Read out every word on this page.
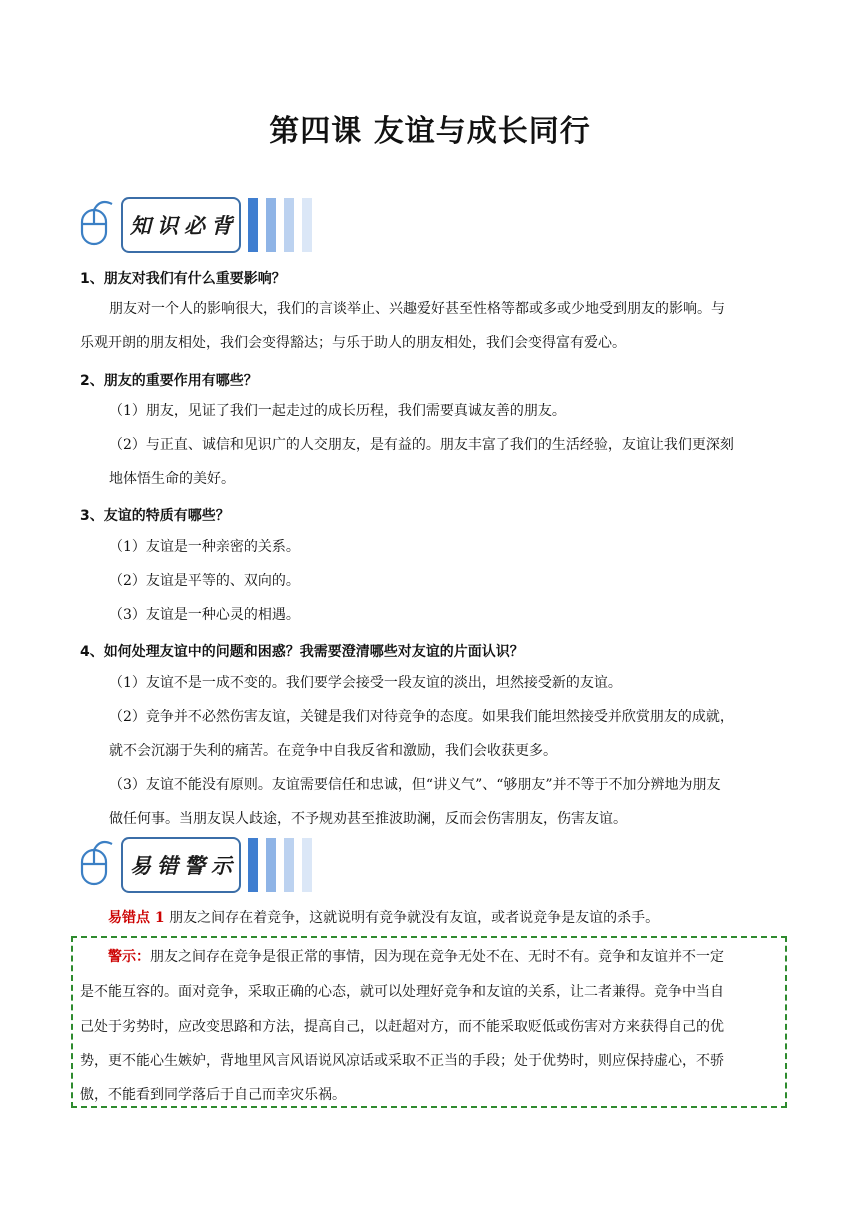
第四课 友谊与成长同行
知识必背
1、朋友对我们有什么重要影响？
朋友对一个人的影响很大，我们的言谈举止、兴趣爱好甚至性格等都或多或少地受到朋友的影响。与
乐观开朗的朋友相处，我们会变得豁达；与乐于助人的朋友相处，我们会变得富有爱心。
2、朋友的重要作用有哪些？
（1）朋友，见证了我们一起走过的成长历程，我们需要真诚友善的朋友。
（2）与正直、诚信和见识广的人交朋友，是有益的。朋友丰富了我们的生活经验，友谊让我们更深刻
地体悟生命的美好。
3、友谊的特质有哪些？
（1）友谊是一种亲密的关系。
（2）友谊是平等的、双向的。
（3）友谊是一种心灵的相遇。
4、如何处理友谊中的问题和困惑？我需要澄清哪些对友谊的片面认识？
（1）友谊不是一成不变的。我们要学会接受一段友谊的淡出，坦然接受新的友谊。
（2）竞争并不必然伤害友谊，关键是我们对待竞争的态度。如果我们能坦然接受并欣赏朋友的成就，
就不会沉溺于失利的痛苦。在竞争中自我反省和激励，我们会收获更多。
（3）友谊不能没有原则。友谊需要信任和忠诚，但“讲义气”、“够朋友”并不等于不加分辨地为朋友
做任何事。当朋友误人歧途，不予规劝甚至推波助澜，反而会伤害朋友，伤害友谊。
易错警示
易错点 1 朋友之间存在着竞争，这就说明有竞争就没有友谊，或者说竞争是友谊的杀手。
警示：朋友之间存在竞争是很正常的事情，因为现在竞争无处不在、无时不有。竞争和友谊并不一定
是不能互容的。面对竞争，采取正确的心态，就可以处理好竞争和友谊的关系，让二者兼得。竞争中当自
己处于劣势时，应改变思路和方法，提高自己，以赶超对方，而不能采取贬低或伤害对方来获得自己的优
势，更不能心生嫉妒，背地里风言风语说风凉话或采取不正当的手段；处于优势时，则应保持虚心，不骄
傲，不能看到同学落后于自己而幸灾乐祸。
